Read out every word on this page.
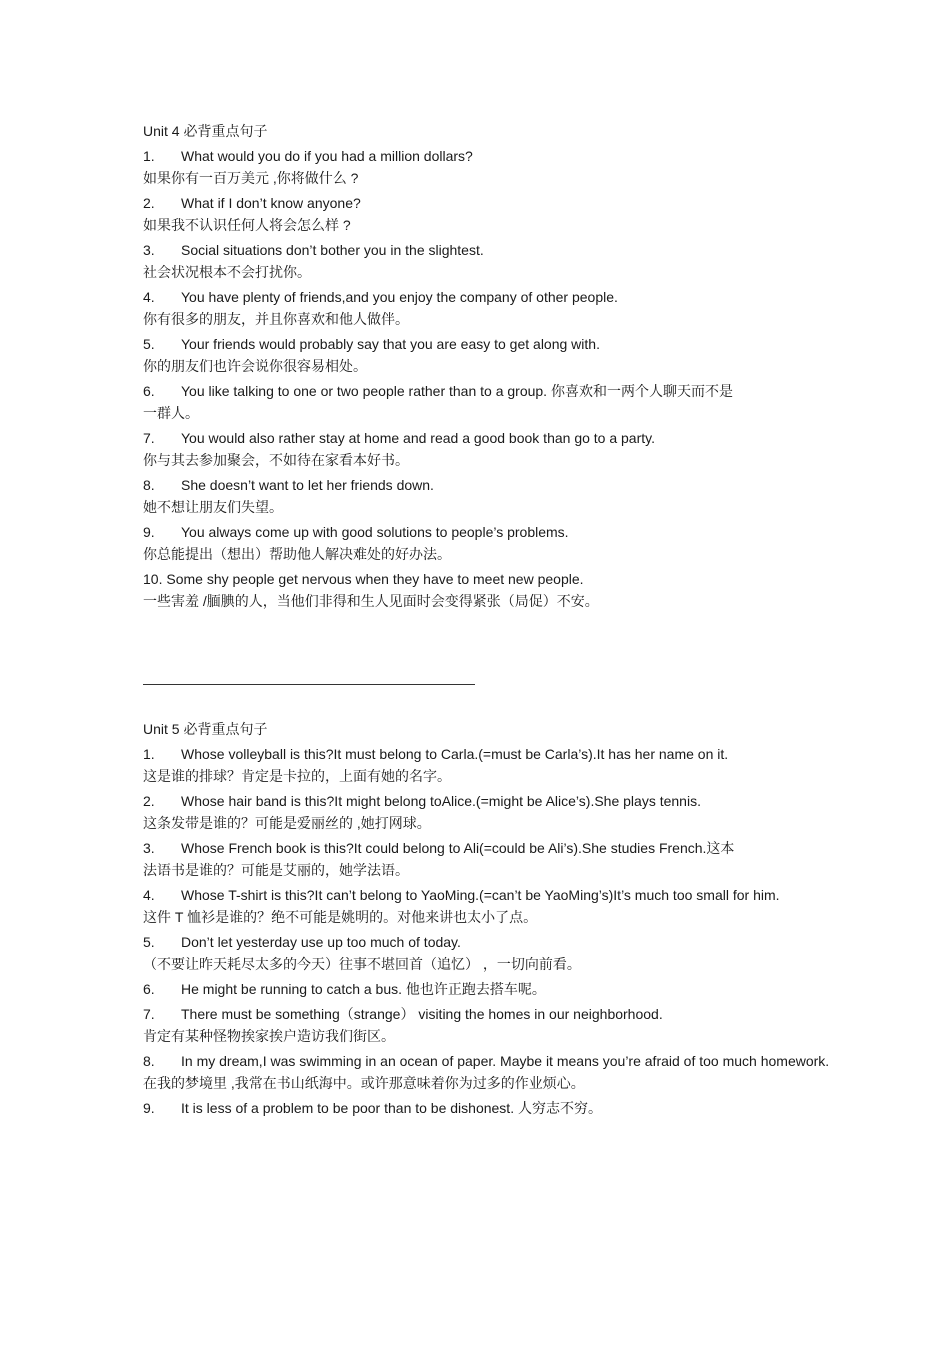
Unit 4 必背重点句子

1. What would you do if you had a million dollars?

如果你有一百万美元 ,你将做什么 ?

2. What if I don’t know anyone?

如果我不认识任何人将会怎么样 ?

3. Social situations don’t bother you in the slightest.

社会状况根本不会打扰你。

4. You have plenty of friends,and you enjoy the company of other people.

你有很多的朋友，并且你喜欢和他人做伴。

5. Your friends would probably say that you are easy to get along with.

你的朋友们也许会说你很容易相处。

6. You like talking to one or two people rather than to a group. 你喜欢和一两个人聊天而不是

一群人。

7. You would also rather stay at home and read a good book than go to a party.

你与其去参加聚会，不如待在家看本好书。

8. She doesn’t want to let her friends down.

她不想让朋友们失望。

9. You always come up with good solutions to people’s problems.

你总能提出（想出）帮助他人解决难处的好办法。

10. Some shy people get nervous when they have to meet new people.

一些害羞 /腼腆的人，当他们非得和生人见面时会变得紧张（局促）不安。

Unit 5 必背重点句子

1. Whose volleyball is this?It must belong to Carla.(=must be Carla’s).It has her name on it.

这是谁的排球？肯定是卡拉的，上面有她的名字。

2. Whose hair band is this?It might belong toAlice.(=might be Alice’s).She plays tennis.

这条发带是谁的？可能是爱丽丝的 ,她打网球。

3. Whose French book is this?It could belong to Ali(=could be Ali’s).She studies French.这本

法语书是谁的？可能是艾丽的，她学法语。

4. Whose T-shirt is this?It can’t belong to YaoMing.(=can’t be YaoMing’s)It’s much too small for him.

这件 T 恤衫是谁的？绝不可能是姚明的。对他来讲也太小了点。

5. Don’t let yesterday use up too much of today.

（不要让昨天耗尽太多的今天）往事不堪回首（追忆） ，一切向前看。

6. He might be running to catch a bus. 他也许正跑去搭车呢。

7. There must be something（strange） visiting the homes in our neighborhood.

肯定有某种怪物挨家挨户造访我们街区。

8. In my dream,I was swimming in an ocean of paper. Maybe it means you’re afraid of too much homework.

在我的梦境里 ,我常在书山纸海中。或许那意味着你为过多的作业烦心。

9. It is less of a problem to be poor than to be dishonest. 人穷志不穷。
